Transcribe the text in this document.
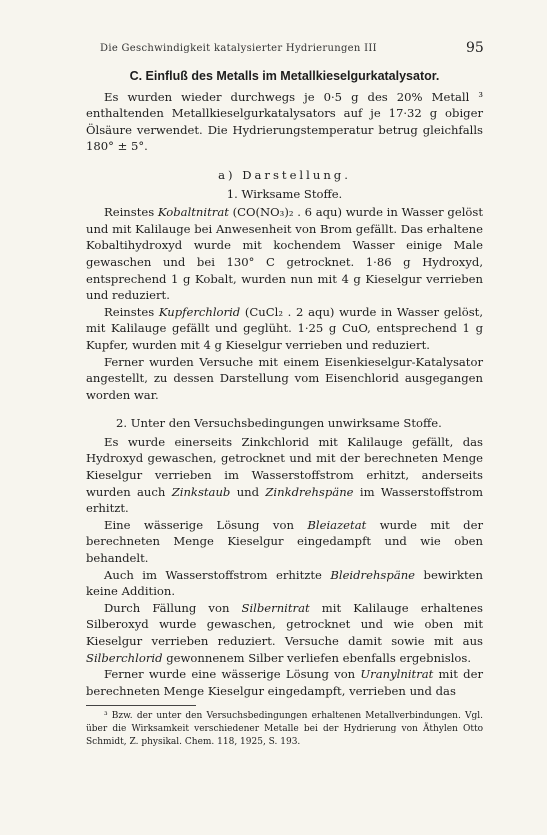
Die Geschwindigkeit katalysierter Hydrierungen III	95

C. Einfluß des Metalls im Metallkieselgurkatalysator.

Es wurden wieder durchwegs je 0·5 g des 20% Metall ³ enthaltenden Metallkieselgurkatalysators auf je 17·32 g obiger Ölsäure verwendet. Die Hydrierungstemperatur betrug gleichfalls 180° ± 5°.

a) Darstellung.

1. Wirksame Stoffe.

Reinstes Kobaltnitrat (CO(NO₃)₂ . 6 aqu) wurde in Wasser gelöst und mit Kalilauge bei Anwesenheit von Brom gefällt. Das erhaltene Kobaltihydroxyd wurde mit kochendem Wasser einige Male gewaschen und bei 130° C getrocknet. 1·86 g Hydroxyd, entsprechend 1 g Kobalt, wurden nun mit 4 g Kieselgur verrieben und reduziert.

Reinstes Kupferchlorid (CuCl₂ . 2 aqu) wurde in Wasser gelöst, mit Kalilauge gefällt und geglüht. 1·25 g CuO, entsprechend 1 g Kupfer, wurden mit 4 g Kieselgur verrieben und reduziert.

Ferner wurden Versuche mit einem Eisenkieselgur-Katalysator angestellt, zu dessen Darstellung vom Eisenchlorid ausgegangen worden war.

2. Unter den Versuchsbedingungen unwirksame Stoffe.

Es wurde einerseits Zinkchlorid mit Kalilauge gefällt, das Hydroxyd gewaschen, getrocknet und mit der berechneten Menge Kieselgur verrieben im Wasserstoffstrom erhitzt, anderseits wurden auch Zinkstaub und Zinkdrehspäne im Wasserstoffstrom erhitzt.

Eine wässerige Lösung von Bleiazetat wurde mit der berechneten Menge Kieselgur eingedampft und wie oben behandelt.

Auch im Wasserstoffstrom erhitzte Bleidrehspäne bewirkten keine Addition.

Durch Fällung von Silbernitrat mit Kalilauge erhaltenes Silberoxyd wurde gewaschen, getrocknet und wie oben mit Kieselgur verrieben reduziert. Versuche damit sowie mit aus Silberchlorid gewonnenem Silber verliefen ebenfalls ergebnislos.

Ferner wurde eine wässerige Lösung von Uranylnitrat mit der berechneten Menge Kieselgur eingedampft, verrieben und das

³ Bzw. der unter den Versuchsbedingungen erhaltenen Metallverbindungen. Vgl. über die Wirksamkeit verschiedener Metalle bei der Hydrierung von Äthylen Otto Schmidt, Z. physikal. Chem. 118, 1925, S. 193.
